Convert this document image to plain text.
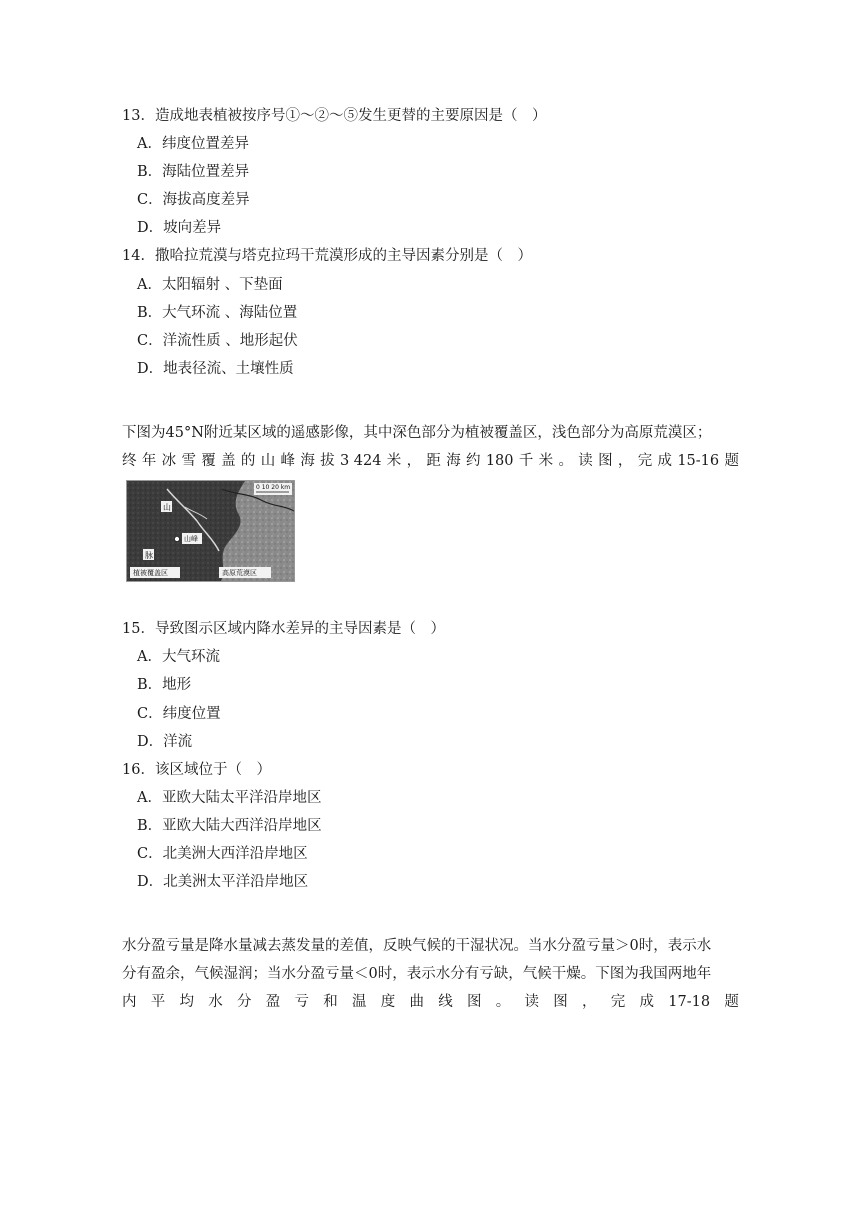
13．造成地表植被按序号①～②～⑤发生更替的主要原因是（　）
A．纬度位置差异
B．海陆位置差异
C．海拔高度差异
D．坡向差异
14．撒哈拉荒漠与塔克拉玛干荒漠形成的主导因素分别是（　）
A．太阳辐射 、下垫面
B．大气环流 、海陆位置
C．洋流性质 、地形起伏
D．地表径流、土壤性质
下图为45°N附近某区域的遥感影像，其中深色部分为植被覆盖区，浅色部分为高原荒漠区；
终 年 冰 雪 覆 盖 的 山 峰 海 拔 3 424 米 ， 距 海 约 180 千 米 。 读 图 ， 完 成 15-16 题
0 10 20 km
山
山峰
脉
植被覆盖区	高原荒漠区
15．导致图示区域内降水差异的主导因素是（　）
A．大气环流
B．地形
C．纬度位置
D．洋流
16．该区域位于（　）
A．亚欧大陆太平洋沿岸地区
B．亚欧大陆大西洋沿岸地区
C．北美洲大西洋沿岸地区
D．北美洲太平洋沿岸地区
水分盈亏量是降水量减去蒸发量的差值，反映气候的干湿状况。当水分盈亏量＞0时，表示水
分有盈余，气候湿润；当水分盈亏量＜0时，表示水分有亏缺，气候干燥。下图为我国两地年
内 平 均 水 分 盈 亏 和 温 度 曲 线 图 。 读 图 ， 完 成 17-18 题
